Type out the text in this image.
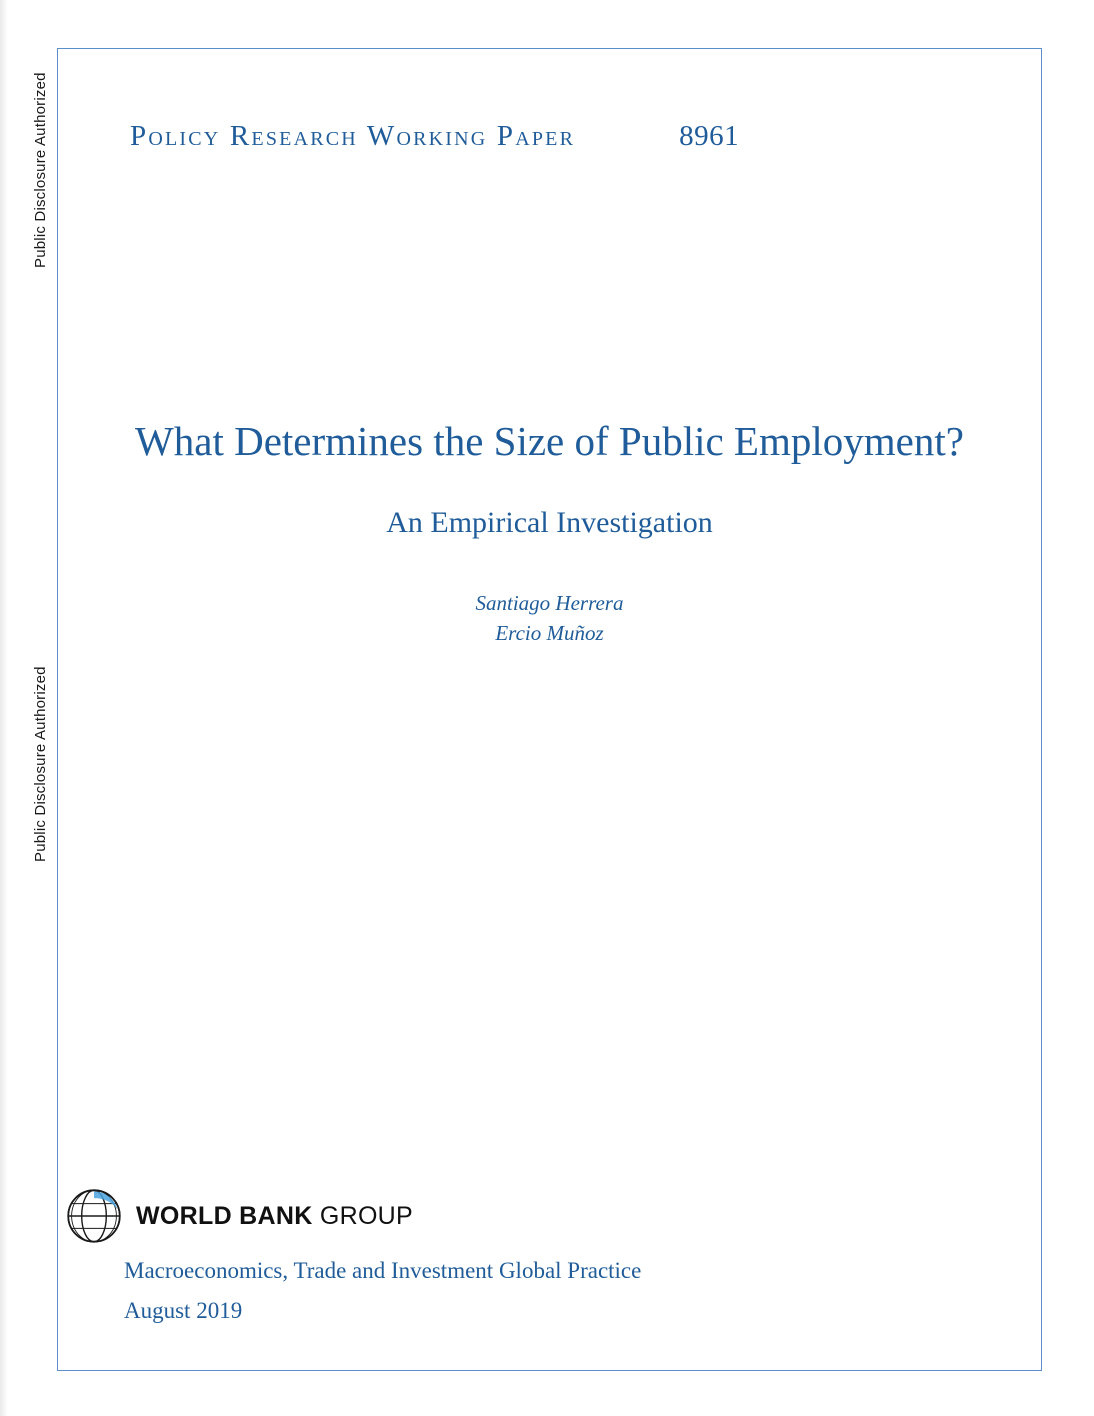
Public Disclosure Authorized
Public Disclosure Authorized
Policy Research Working Paper	8961
What Determines the Size of Public Employment?
An Empirical Investigation
Santiago Herrera
Ercio Muñoz
WORLD BANK GROUP
Macroeconomics, Trade and Investment Global Practice
August 2019
